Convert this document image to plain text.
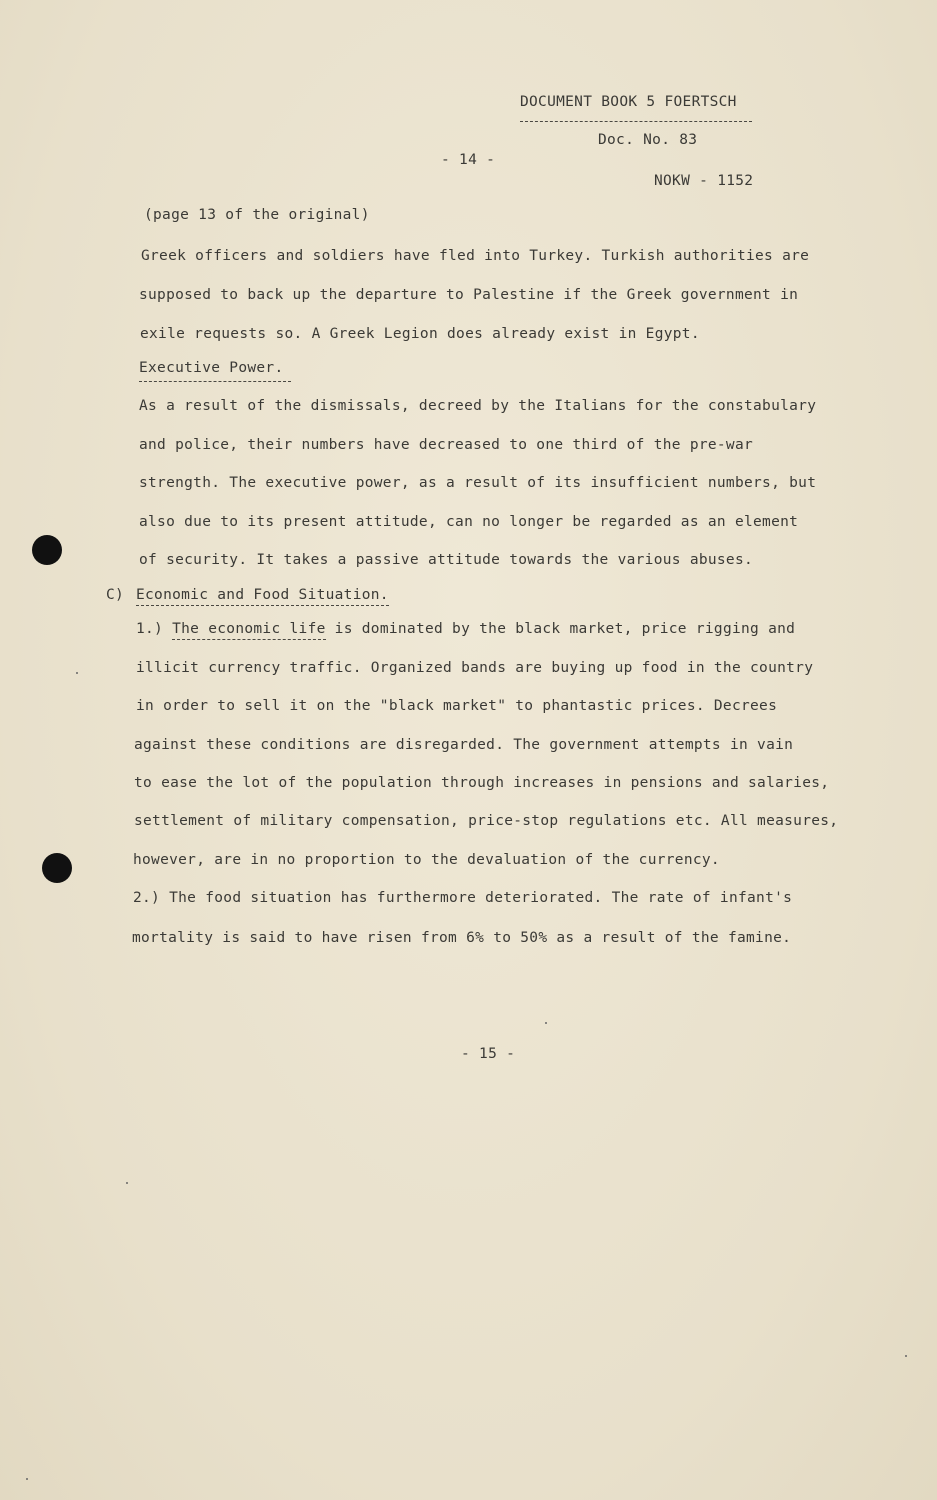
DOCUMENT BOOK 5 FOERTSCH
Doc. No. 83
- 14 -
NOKW - 1152
(page 13 of the original)
Greek officers and soldiers have fled into Turkey. Turkish authorities are
supposed to back up the departure to Palestine if the Greek government in
exile requests so. A Greek Legion does already exist in Egypt.
Executive Power.
As a result of the dismissals, decreed by the Italians for the constabulary
and police, their numbers have decreased to one third of the pre-war
strength. The executive power, as a result of its insufficient numbers, but
also due to its present attitude, can no longer be regarded as an element
of security. It takes a passive attitude towards the various abuses.
C) Economic and Food Situation.
1.) The economic life is dominated by the black market, price rigging and
illicit currency traffic. Organized bands are buying up food in the country
in order to sell it on the "black market" to phantastic prices. Decrees
against these conditions are disregarded. The government attempts in vain
to ease the lot of the population through increases in pensions and salaries,
settlement of military compensation, price-stop regulations etc. All measures,
however, are in no proportion to the devaluation of the currency.
2.) The food situation has furthermore deteriorated. The rate of infant's
mortality is said to have risen from 6% to 50% as a result of the famine.
- 15 -
